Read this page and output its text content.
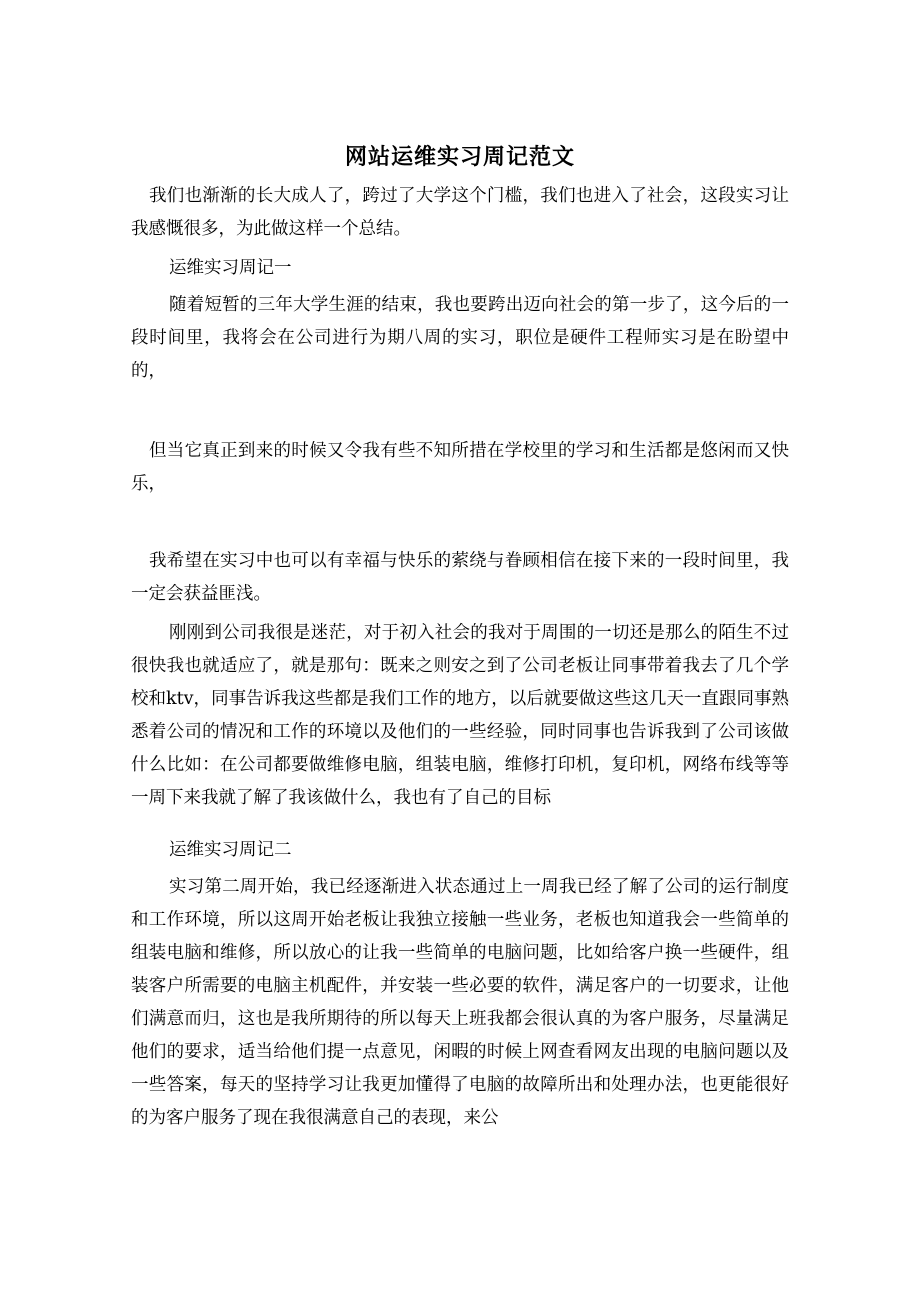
网站运维实习周记范文

我们也渐渐的长大成人了，跨过了大学这个门槛，我们也进入了社会，这段实习让我感慨很多，为此做这样一个总结。

运维实习周记一

随着短暂的三年大学生涯的结束，我也要跨出迈向社会的第一步了，这今后的一段时间里，我将会在公司进行为期八周的实习，职位是硬件工程师实习是在盼望中的，

但当它真正到来的时候又令我有些不知所措在学校里的学习和生活都是悠闲而又快乐，

我希望在实习中也可以有幸福与快乐的萦绕与眷顾相信在接下来的一段时间里，我一定会获益匪浅。

刚刚到公司我很是迷茫，对于初入社会的我对于周围的一切还是那么的陌生不过很快我也就适应了，就是那句：既来之则安之到了公司老板让同事带着我去了几个学校和ktv，同事告诉我这些都是我们工作的地方，以后就要做这些这几天一直跟同事熟悉着公司的情况和工作的环境以及他们的一些经验，同时同事也告诉我到了公司该做什么比如：在公司都要做维修电脑，组装电脑，维修打印机，复印机，网络布线等等一周下来我就了解了我该做什么，我也有了自己的目标

运维实习周记二

实习第二周开始，我已经逐渐进入状态通过上一周我已经了解了公司的运行制度和工作环境，所以这周开始老板让我独立接触一些业务，老板也知道我会一些简单的组装电脑和维修，所以放心的让我一些简单的电脑问题，比如给客户换一些硬件，组装客户所需要的电脑主机配件，并安装一些必要的软件，满足客户的一切要求，让他们满意而归，这也是我所期待的所以每天上班我都会很认真的为客户服务，尽量满足他们的要求，适当给他们提一点意见，闲暇的时候上网查看网友出现的电脑问题以及一些答案，每天的坚持学习让我更加懂得了电脑的故障所出和处理办法，也更能很好的为客户服务了现在我很满意自己的表现，来公
